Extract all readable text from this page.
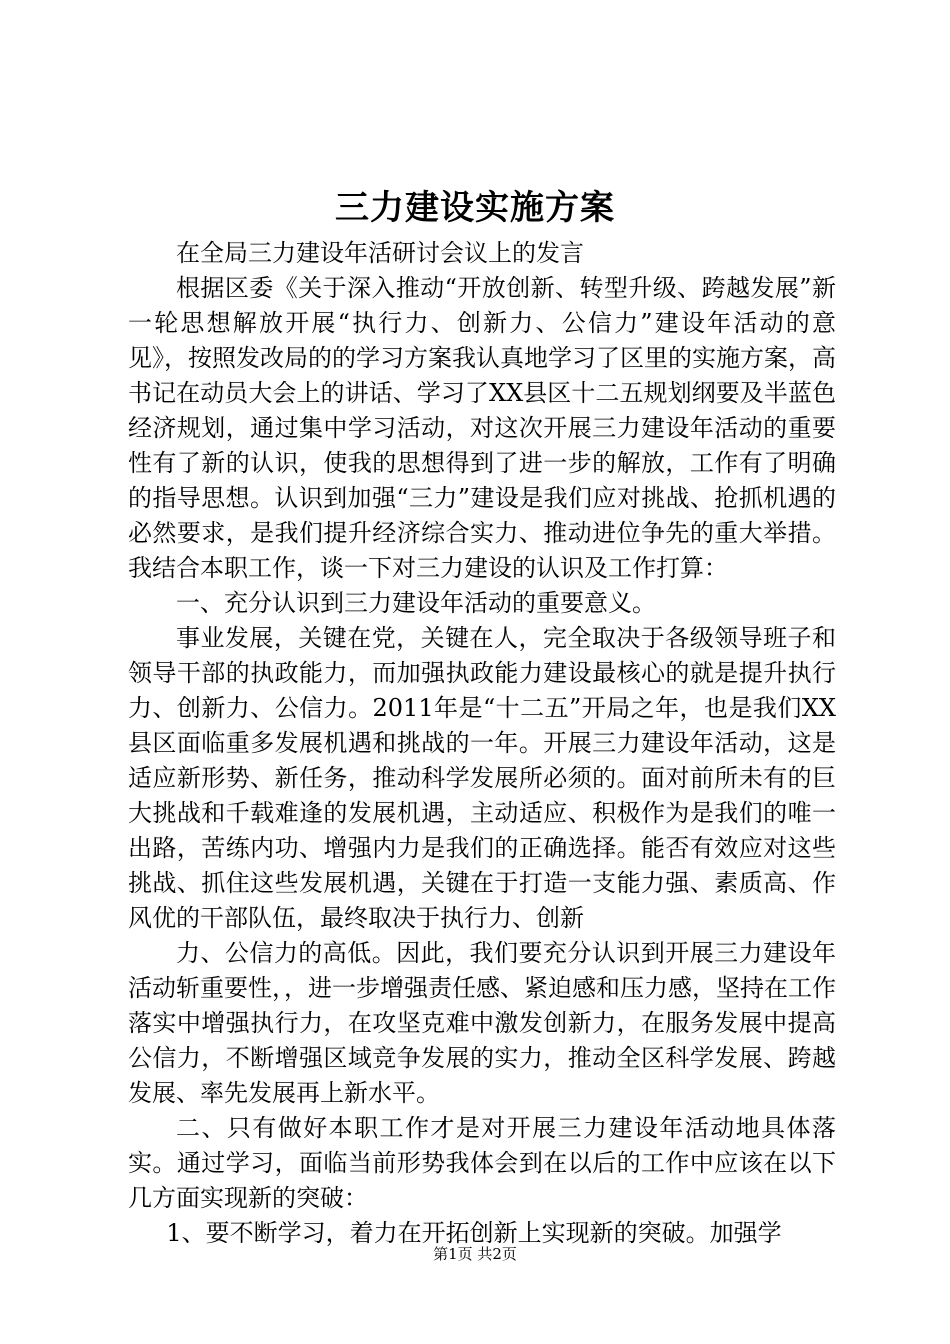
三力建设实施方案

在全局三力建设年活研讨会议上的发言

根据区委《关于深入推动“开放创新、转型升级、跨越发展”新一轮思想解放开展“执行力、创新力、公信力”建设年活动的意见》，按照发改局的的学习方案我认真地学习了区里的实施方案，高书记在动员大会上的讲话、学习了XX县区十二五规划纲要及半蓝色经济规划，通过集中学习活动，对这次开展三力建设年活动的重要性有了新的认识，使我的思想得到了进一步的解放，工作有了明确的指导思想。认识到加强“三力”建设是我们应对挑战、抢抓机遇的必然要求，是我们提升经济综合实力、推动进位争先的重大举措。我结合本职工作，谈一下对三力建设的认识及工作打算：

一、充分认识到三力建设年活动的重要意义。

事业发展，关键在党，关键在人，完全取决于各级领导班子和领导干部的执政能力，而加强执政能力建设最核心的就是提升执行力、创新力、公信力。2011年是“十二五”开局之年，也是我们XX县区面临重多发展机遇和挑战的一年。开展三力建设年活动，这是适应新形势、新任务，推动科学发展所必须的。面对前所未有的巨大挑战和千载难逢的发展机遇，主动适应、积极作为是我们的唯一出路，苦练内功、增强内力是我们的正确选择。能否有效应对这些挑战、抓住这些发展机遇，关键在于打造一支能力强、素质高、作风优的干部队伍，最终取决于执行力、创新

力、公信力的高低。因此，我们要充分认识到开展三力建设年活动斩重要性，，进一步增强责任感、紧迫感和压力感，坚持在工作落实中增强执行力，在攻坚克难中激发创新力，在服务发展中提高公信力，不断增强区域竞争发展的实力，推动全区科学发展、跨越发展、率先发展再上新水平。

二、只有做好本职工作才是对开展三力建设年活动地具体落实。通过学习，面临当前形势我体会到在以后的工作中应该在以下几方面实现新的突破：

1、要不断学习，着力在开拓创新上实现新的突破。加强学

第1页 共2页
